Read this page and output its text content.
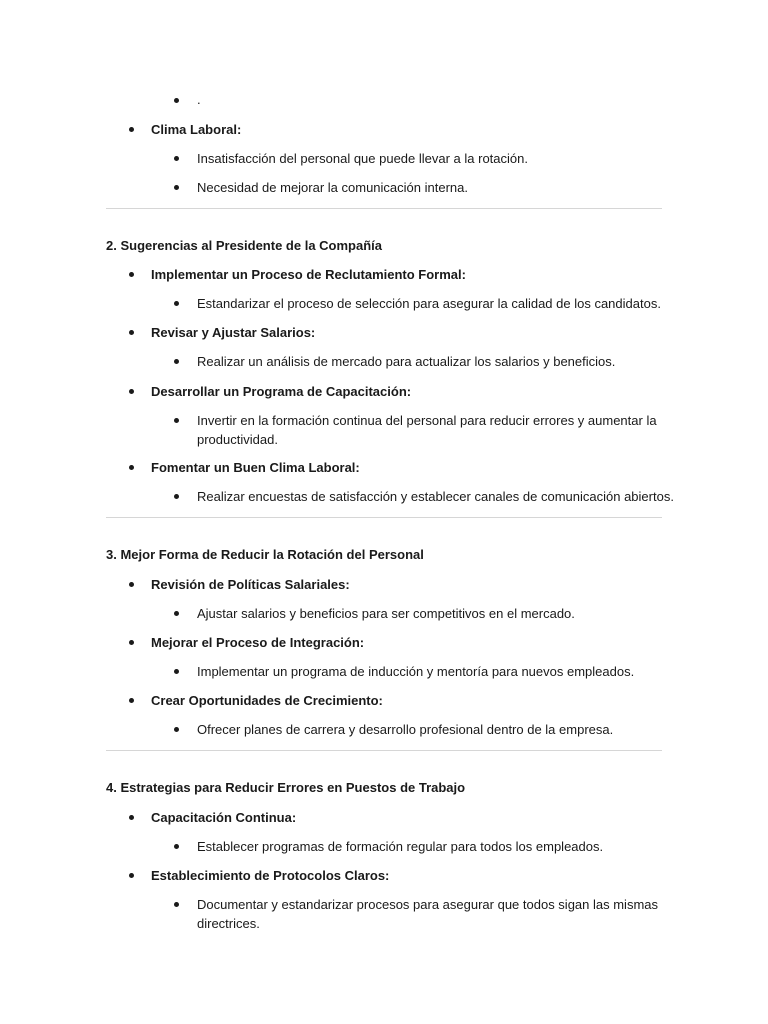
.
Clima Laboral:
Insatisfacción del personal que puede llevar a la rotación.
Necesidad de mejorar la comunicación interna.
2. Sugerencias al Presidente de la Compañía
Implementar un Proceso de Reclutamiento Formal:
Estandarizar el proceso de selección para asegurar la calidad de los candidatos.
Revisar y Ajustar Salarios:
Realizar un análisis de mercado para actualizar los salarios y beneficios.
Desarrollar un Programa de Capacitación:
Invertir en la formación continua del personal para reducir errores y aumentar la
productividad.
Fomentar un Buen Clima Laboral:
Realizar encuestas de satisfacción y establecer canales de comunicación abiertos.
3. Mejor Forma de Reducir la Rotación del Personal
Revisión de Políticas Salariales:
Ajustar salarios y beneficios para ser competitivos en el mercado.
Mejorar el Proceso de Integración:
Implementar un programa de inducción y mentoría para nuevos empleados.
Crear Oportunidades de Crecimiento:
Ofrecer planes de carrera y desarrollo profesional dentro de la empresa.
4. Estrategias para Reducir Errores en Puestos de Trabajo
Capacitación Continua:
Establecer programas de formación regular para todos los empleados.
Establecimiento de Protocolos Claros:
Documentar y estandarizar procesos para asegurar que todos sigan las mismas
directrices.
